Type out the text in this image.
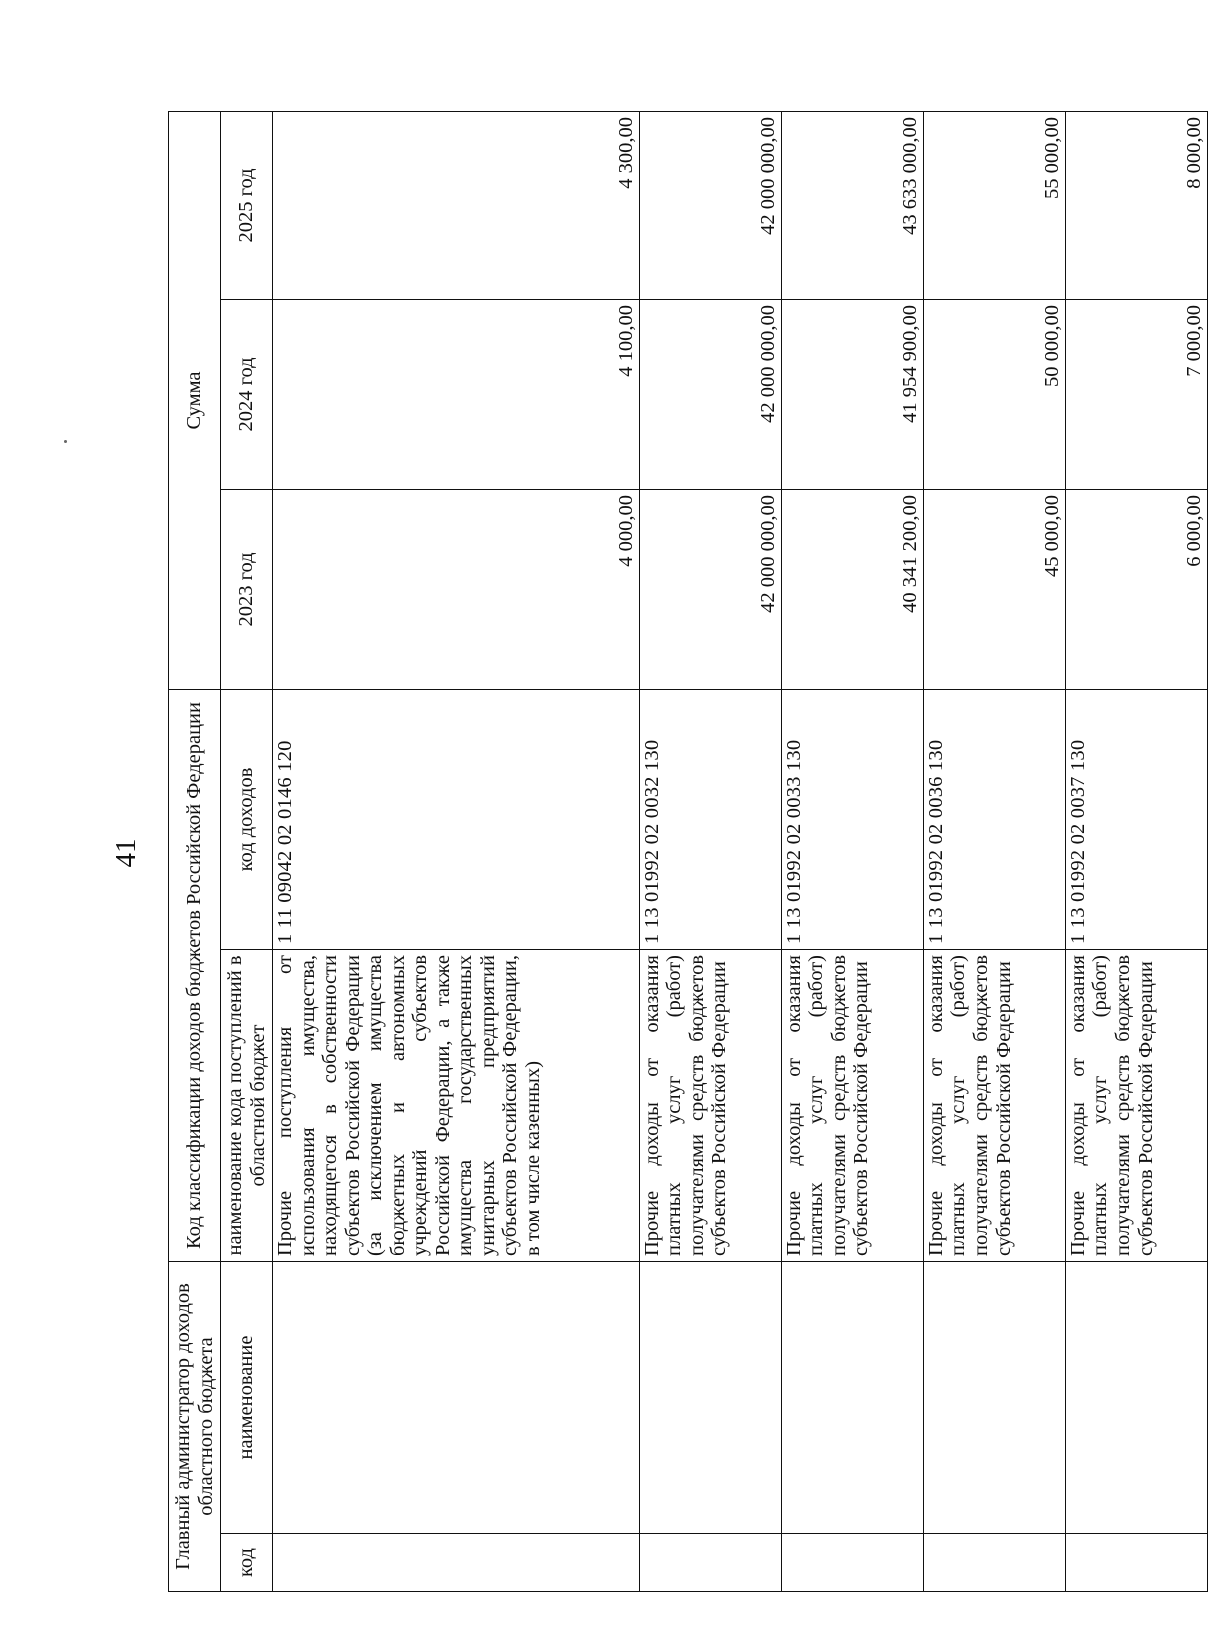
41
Главный администратор доходов областного бюджета		Код классификации доходов бюджетов Российской Федерации		Сумма		
код	наименование	наименование кода поступлений в областной бюджет	код доходов	2023 год	2024 год	2025 год
		Прочие поступления от использования имущества, находящегося в собственности субъектов Российской Федерации (за исключением имущества бюджетных и автономных учреждений субъектов Российской Федерации, а также имущества государственных унитарных предприятий субъектов Российской Федерации, в том числе казенных)	1 11 09042 02 0146 120	4 000,00	4 100,00	4 300,00
		Прочие доходы от оказания платных услуг (работ) получателями средств бюджетов субъектов Российской Федерации	1 13 01992 02 0032 130	42 000 000,00	42 000 000,00	42 000 000,00
		Прочие доходы от оказания платных услуг (работ) получателями средств бюджетов субъектов Российской Федерации	1 13 01992 02 0033 130	40 341 200,00	41 954 900,00	43 633 000,00
		Прочие доходы от оказания платных услуг (работ) получателями средств бюджетов субъектов Российской Федерации	1 13 01992 02 0036 130	45 000,00	50 000,00	55 000,00
		Прочие доходы от оказания платных услуг (работ) получателями средств бюджетов субъектов Российской Федерации	1 13 01992 02 0037 130	6 000,00	7 000,00	8 000,00
